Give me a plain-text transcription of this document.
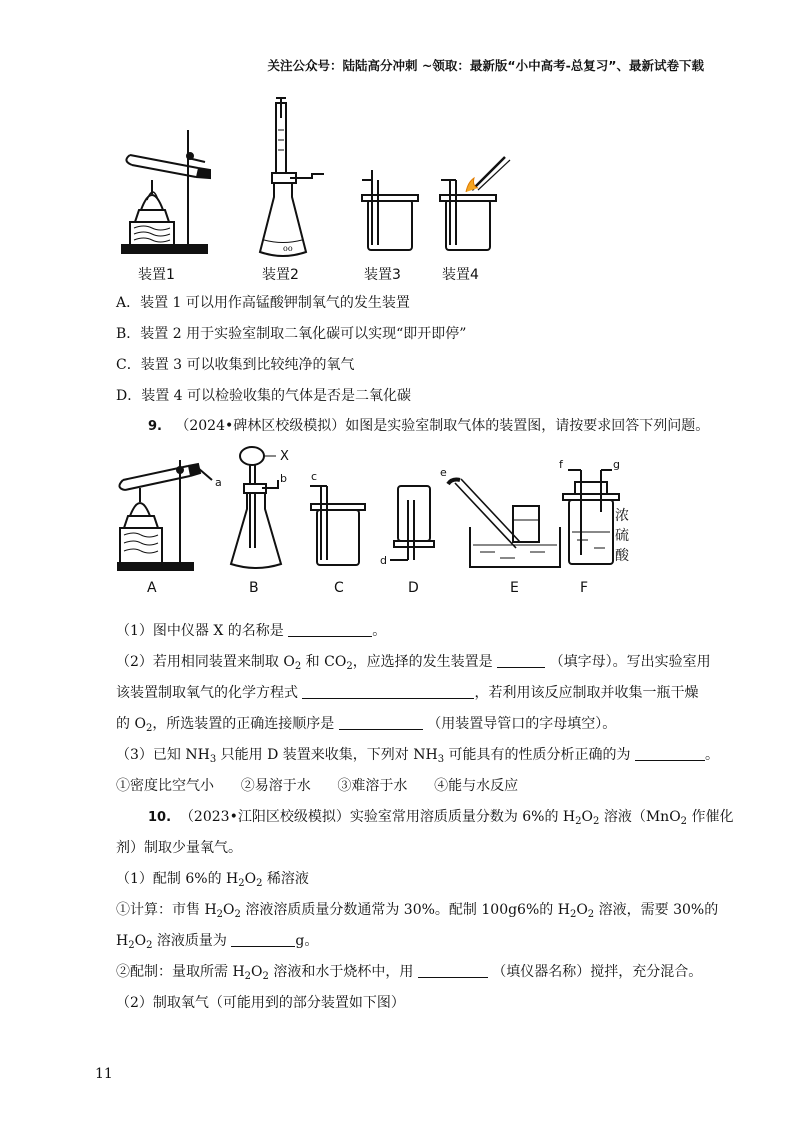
关注公众号：陆陆高分冲刺 ~领取：最新版“小中高考-总复习”、最新试卷下载
oo
装置1	装置2	装置3	装置4
a	b c
d
e
f	g
X
浓
硫
酸
A	B	C	D	E	F
A．装置 1 可以用作高锰酸钾制氧气的发生装置
B．装置 2 用于实验室制取二氧化碳可以实现“即开即停”
C．装置 3 可以收集到比较纯净的氧气
D．装置 4 可以检验收集的气体是否是二氧化碳
9. （2024•碑林区校级模拟）如图是实验室制取气体的装置图，请按要求回答下列问题。
（1）图中仪器 X 的名称是	。
（2）若用相同装置来制取 $O_2$ 和 $CO_2$，应选择的发生装置是	（填字母）。写出实验室用
该装置制取氧气的化学方程式	，若利用该反应制取并收集一瓶干燥
的 $O_2$，所选装置的正确连接顺序是	（用装置导管口的字母填空）。
（3）已知 $NH_3$ 只能用 D 装置来收集，下列对 $NH_3$ 可能具有的性质分析正确的为	。
①密度比空气小      ②易溶于水      ③难溶于水      ④能与水反应
10. （2023•江阳区校级模拟）实验室常用溶质质量分数为 6%的 $H_2O_2$ 溶液（MnO$_2$ 作催化
剂）制取少量氧气。
（1）配制 6%的 $H_2O_2$ 稀溶液
①计算：市售 $H_2O_2$ 溶液溶质质量分数通常为 30%。配制 100g6%的 $H_2O_2$ 溶液，需要 30%的
$H_2O_2$ 溶液质量为	g。
②配制：量取所需 $H_2O_2$ 溶液和水于烧杯中，用	（填仪器名称）搅拌，充分混合。
（2）制取氧气（可能用到的部分装置如下图）
11
